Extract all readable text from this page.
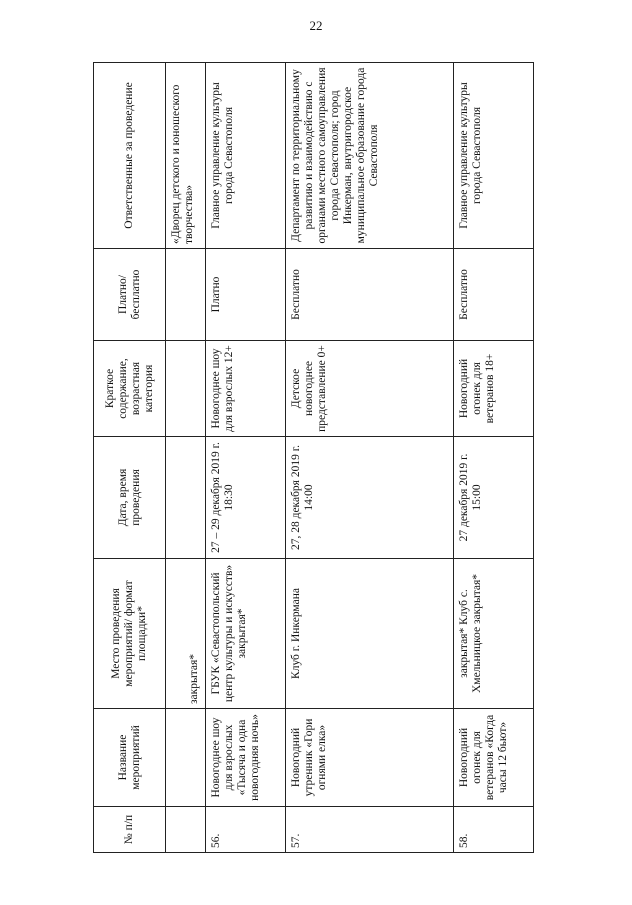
22
№ п/п	Название мероприятий	Место проведения мероприятий/ формат площадки*	Дата, время проведения	Краткое содержание, возрастная категория	Платно/ бесплатно	Ответственные за проведение
		закрытая*				«Дворец детского и юношеского творчества»
56.	Новогоднее шоу для взрослых «Тысяча и одна новогодняя ночь»	ГБУК «Севастопольский центр культуры и искусств» закрытая*	27 – 29 декабря 2019 г. 18:30	Новогоднее шоу для взрослых 12+	Платно	Главное управление культуры города Севастополя
57.	Новогодний утренник «Гори огнями елка»	Клуб г. Инкермана	27, 28 декабря 2019 г. 14:00	Детское новогоднее представление 0+	Бесплатно	Департамент по территориальному развитию и взаимодействию с органами местного самоуправления города Севастополя; город Инкерман, внутригородское муниципальное образование города Севастополя
58.	Новогодний огонек для ветеранов «Когда часы 12 бьют»	закрытая* Клуб с. Хмельницкое закрытая*	27 декабря 2019 г. 15:00	Новогодний огонек для ветеранов 18+	Бесплатно	Главное управление культуры города Севастополя
